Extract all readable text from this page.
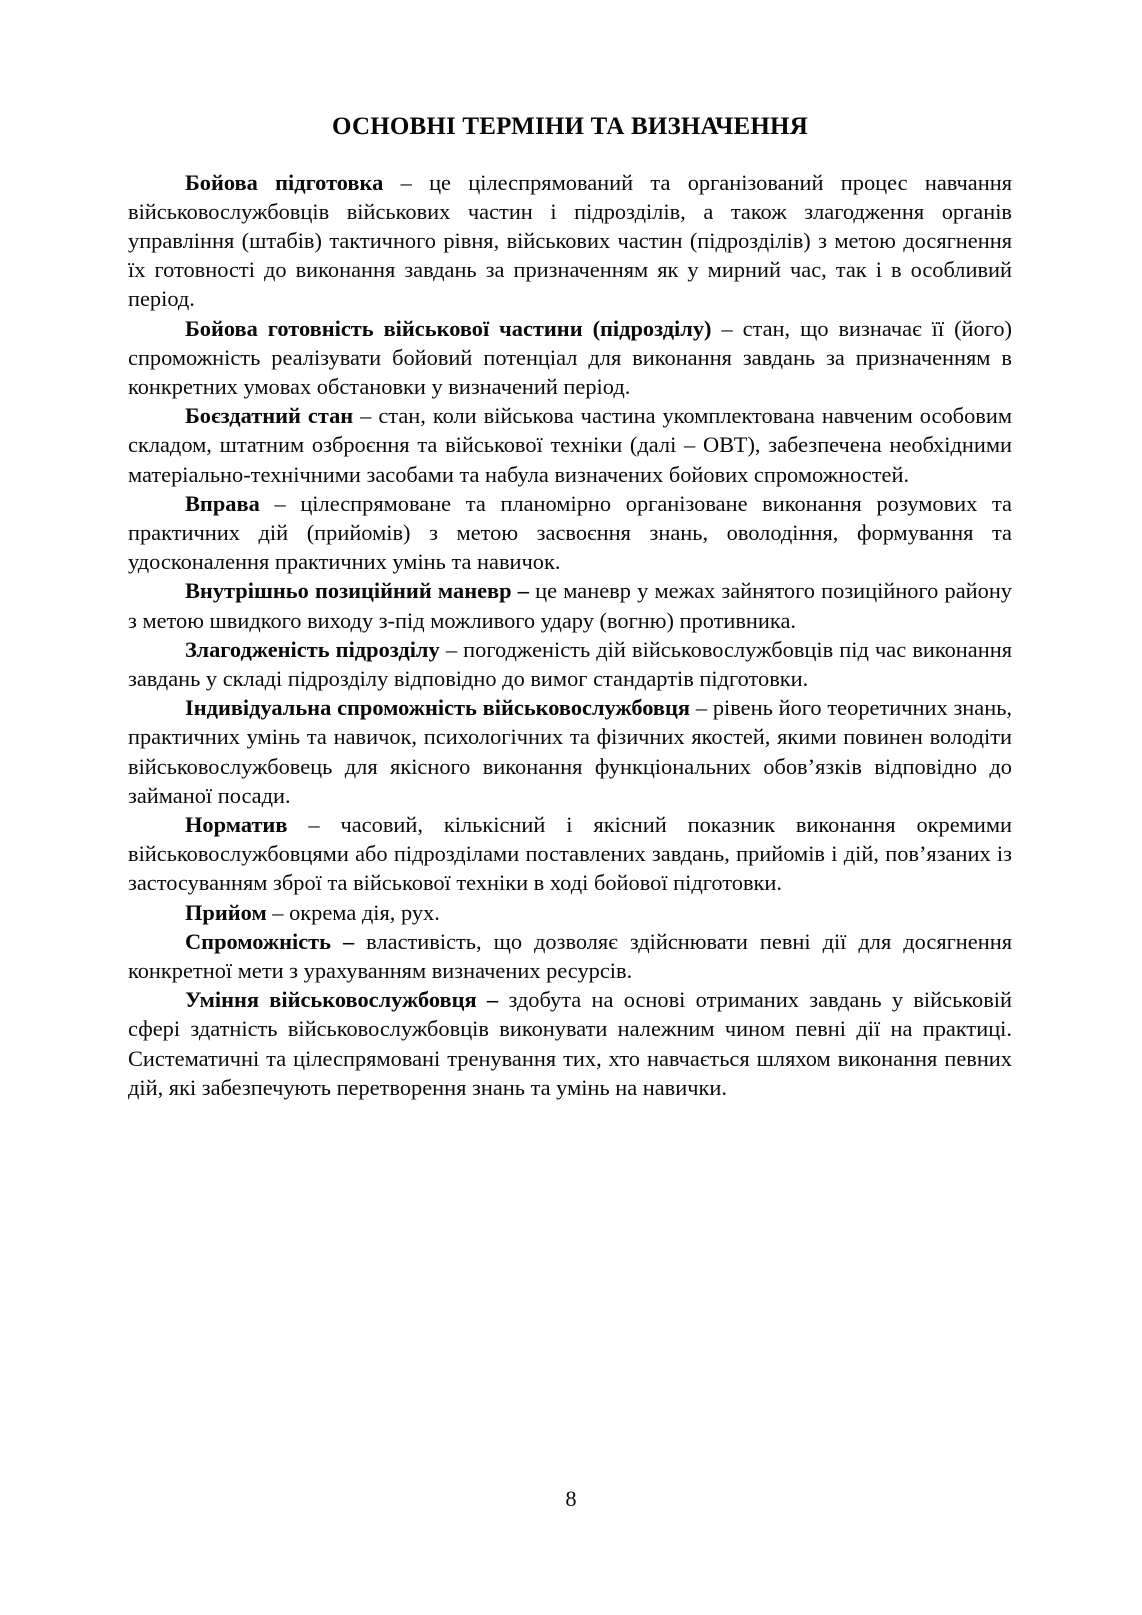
ОСНОВНІ ТЕРМІНИ ТА ВИЗНАЧЕННЯ

Бойова підготовка – це цілеспрямований та організований процес навчання військовослужбовців військових частин і підрозділів, а також злагодження органів управління (штабів) тактичного рівня, військових частин (підрозділів) з метою досягнення їх готовності до виконання завдань за призначенням як у мирний час, так і в особливий період.

Бойова готовність військової частини (підрозділу) – стан, що визначає її (його) спроможність реалізувати бойовий потенціал для виконання завдань за призначенням в конкретних умовах обстановки у визначений період.

Боєздатний стан – стан, коли військова частина укомплектована навченим особовим складом, штатним озброєння та військової техніки (далі – ОВТ), забезпечена необхідними матеріально-технічними засобами та набула визначених бойових спроможностей.

Вправа – цілеспрямоване та планомірно організоване виконання розумових та практичних дій (прийомів) з метою засвоєння знань, оволодіння, формування та удосконалення практичних умінь та навичок.

Внутрішньо позиційний маневр – це маневр у межах зайнятого позиційного району з метою швидкого виходу з-під можливого удару (вогню) противника.

Злагодженість підрозділу – погодженість дій військовослужбовців під час виконання завдань у складі підрозділу відповідно до вимог стандартів підготовки.

Індивідуальна спроможність військовослужбовця – рівень його теоретичних знань, практичних умінь та навичок, психологічних та фізичних якостей, якими повинен володіти військовослужбовець для якісного виконання функціональних обов’язків відповідно до займаної посади.

Норматив – часовий, кількісний і якісний показник виконання окремими військовослужбовцями або підрозділами поставлених завдань, прийомів і дій, пов’язаних із застосуванням зброї та військової техніки в ході бойової підготовки.

Прийом – окрема дія, рух.

Спроможність – властивість, що дозволяє здійснювати певні дії для досягнення конкретної мети з урахуванням визначених ресурсів.

Уміння військовослужбовця – здобута на основі отриманих завдань у військовій сфері здатність військовослужбовців виконувати належним чином певні дії на практиці. Систематичні та цілеспрямовані тренування тих, хто навчається шляхом виконання певних дій, які забезпечують перетворення знань та умінь на навички.

8
